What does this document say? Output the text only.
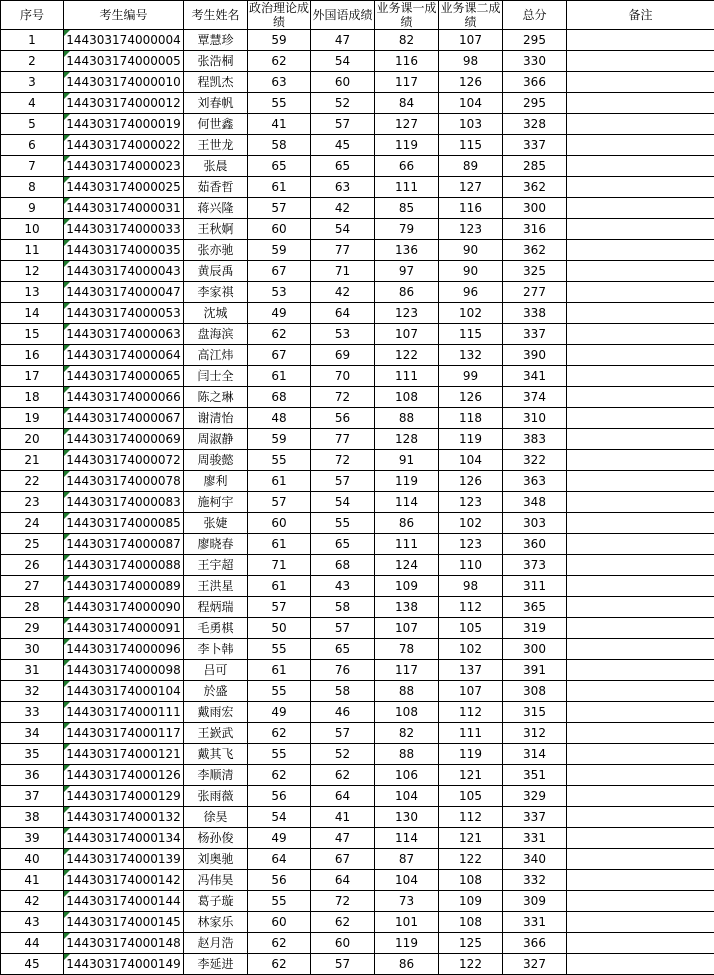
序号	考生编号	考生姓名	政治理论成绩	外国语成绩	业务课一成绩	业务课二成绩	总分	备注
1	144303174000004	覃慧珍	59	47	82	107	295	
2	144303174000005	张浩桐	62	54	116	98	330	
3	144303174000010	程凯杰	63	60	117	126	366	
4	144303174000012	刘春帆	55	52	84	104	295	
5	144303174000019	何世鑫	41	57	127	103	328	
6	144303174000022	王世龙	58	45	119	115	337	
7	144303174000023	张晨	65	65	66	89	285	
8	144303174000025	茹香哲	61	63	111	127	362	
9	144303174000031	蒋兴隆	57	42	85	116	300	
10	144303174000033	王秋婀	60	54	79	123	316	
11	144303174000035	张亦驰	59	77	136	90	362	
12	144303174000043	黄辰禹	67	71	97	90	325	
13	144303174000047	李家祺	53	42	86	96	277	
14	144303174000053	沈城	49	64	123	102	338	
15	144303174000063	盘海滨	62	53	107	115	337	
16	144303174000064	高江炜	67	69	122	132	390	
17	144303174000065	闫士全	61	70	111	99	341	
18	144303174000066	陈之琳	68	72	108	126	374	
19	144303174000067	谢清怡	48	56	88	118	310	
20	144303174000069	周淑静	59	77	128	119	383	
21	144303174000072	周骏懿	55	72	91	104	322	
22	144303174000078	廖利	61	57	119	126	363	
23	144303174000083	施柯宇	57	54	114	123	348	
24	144303174000085	张婕	60	55	86	102	303	
25	144303174000087	廖晓春	61	65	111	123	360	
26	144303174000088	王宇超	71	68	124	110	373	
27	144303174000089	王洪星	61	43	109	98	311	
28	144303174000090	程炳瑞	57	58	138	112	365	
29	144303174000091	毛勇棋	50	57	107	105	319	
30	144303174000096	李卜韩	55	65	78	102	300	
31	144303174000098	吕可	61	76	117	137	391	
32	144303174000104	於盛	55	58	88	107	308	
33	144303174000111	戴雨宏	49	46	108	112	315	
34	144303174000117	王嶔武	62	57	82	111	312	
35	144303174000121	戴其飞	55	52	88	119	314	
36	144303174000126	李顺清	62	62	106	121	351	
37	144303174000129	张雨薇	56	64	104	105	329	
38	144303174000132	徐昊	54	41	130	112	337	
39	144303174000134	杨孙俊	49	47	114	121	331	
40	144303174000139	刘奥驰	64	67	87	122	340	
41	144303174000142	冯伟昊	56	64	104	108	332	
42	144303174000144	葛子璇	55	72	73	109	309	
43	144303174000145	林家乐	60	62	101	108	331	
44	144303174000148	赵月浩	62	60	119	125	366	
45	144303174000149	李延进	62	57	86	122	327	
